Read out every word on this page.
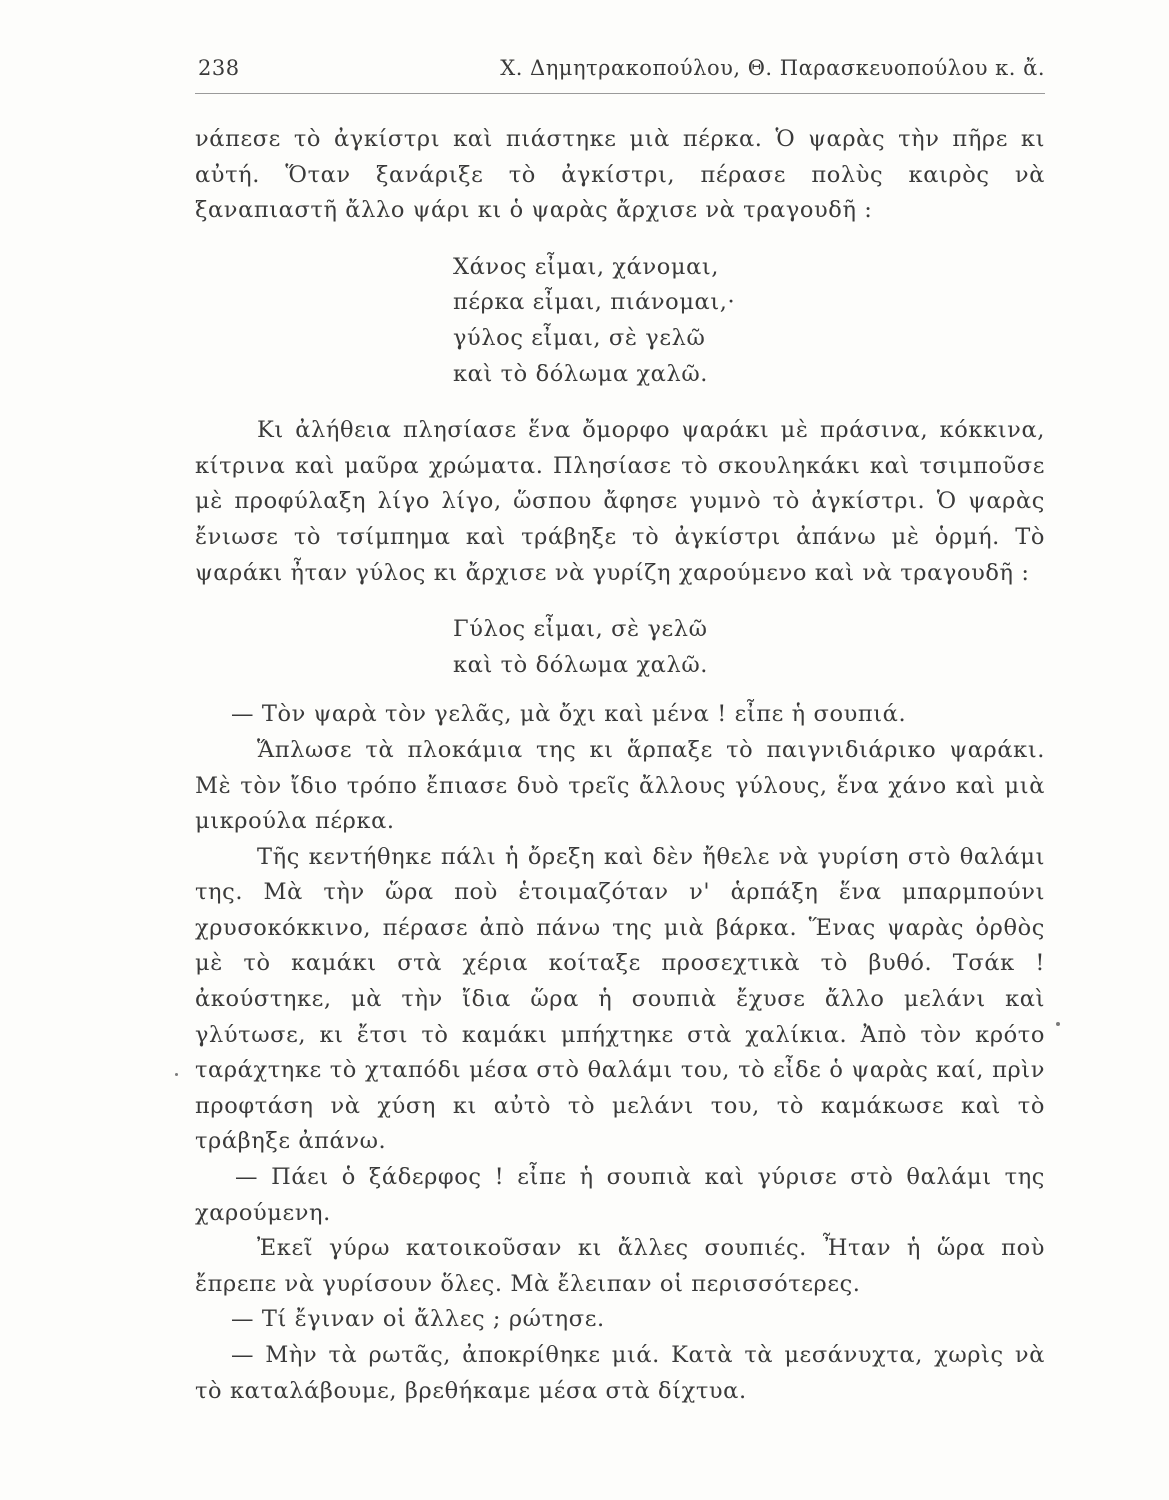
238	Χ. Δημητρακοπούλου, Θ. Παρασκευοπούλου κ. ἄ.

νάπεσε τὸ ἀγκίστρι καὶ πιάστηκε μιὰ πέρκα. Ὁ ψαρὰς τὴν πῆρε κι αὐτή. Ὅταν ξανάριξε τὸ ἀγκίστρι, πέρασε πολὺς καιρὸς νὰ ξαναπιαστῆ ἄλλο ψάρι κι ὁ ψαρὰς ἄρχισε νὰ τραγουδῆ :

Χάνος εἶμαι, χάνομαι,
πέρκα εἶμαι, πιάνομαι,·
γύλος εἶμαι, σὲ γελῶ
καὶ τὸ δόλωμα χαλῶ.

Κι ἀλήθεια πλησίασε ἕνα ὄμορφο ψαράκι μὲ πράσινα, κόκκινα, κίτρινα καὶ μαῦρα χρώματα. Πλησίασε τὸ σκουληκάκι καὶ τσιμποῦσε μὲ προφύλαξη λίγο λίγο, ὥσπου ἄφησε γυμνὸ τὸ ἀγκίστρι. Ὁ ψαρὰς ἔνιωσε τὸ τσίμπημα καὶ τράβηξε τὸ ἀγκίστρι ἀπάνω μὲ ὁρμή. Τὸ ψαράκι ἦταν γύλος κι ἄρχισε νὰ γυρίζη χαρούμενο καὶ νὰ τραγουδῆ :

Γύλος εἶμαι, σὲ γελῶ
καὶ τὸ δόλωμα χαλῶ.

— Τὸν ψαρὰ τὸν γελᾶς, μὰ ὄχι καὶ μένα ! εἶπε ἡ σουπιά.

Ἅπλωσε τὰ πλοκάμια της κι ἅρπαξε τὸ παιγνιδιάρικο ψαράκι. Μὲ τὸν ἴδιο τρόπο ἔπιασε δυὸ τρεῖς ἄλλους γύλους, ἕνα χάνο καὶ μιὰ μικρούλα πέρκα.

Τῆς κεντήθηκε πάλι ἡ ὄρεξη καὶ δὲν ἤθελε νὰ γυρίση στὸ θαλάμι της. Μὰ τὴν ὥρα ποὺ ἑτοιμαζόταν ν' ἁρπάξη ἕνα μπαρμπούνι χρυσοκόκκινο, πέρασε ἀπὸ πάνω της μιὰ βάρκα. Ἕνας ψαρὰς ὀρθὸς μὲ τὸ καμάκι στὰ χέρια κοίταξε προσεχτικὰ τὸ βυθό. Τσάκ ! ἀκούστηκε, μὰ τὴν ἴδια ὥρα ἡ σουπιὰ ἔχυσε ἄλλο μελάνι καὶ γλύτωσε, κι ἔτσι τὸ καμάκι μπήχτηκε στὰ χαλίκια. Ἀπὸ τὸν κρότο ταράχτηκε τὸ χταπόδι μέσα στὸ θαλάμι του, τὸ εἶδε ὁ ψαρὰς καί, πρὶν προφτάση νὰ χύση κι αὐτὸ τὸ μελάνι του, τὸ καμάκωσε καὶ τὸ τράβηξε ἀπάνω.

— Πάει ὁ ξάδερφος ! εἶπε ἡ σουπιὰ καὶ γύρισε στὸ θαλάμι της χαρούμενη.

Ἐκεῖ γύρω κατοικοῦσαν κι ἄλλες σουπιές. Ἦταν ἡ ὥρα ποὺ ἔπρεπε νὰ γυρίσουν ὅλες. Μὰ ἔλειπαν οἱ περισσότερες.

— Τί ἔγιναν οἱ ἄλλες ; ρώτησε.

— Μὴν τὰ ρωτᾶς, ἀποκρίθηκε μιά. Κατὰ τὰ μεσάνυχτα, χωρὶς νὰ τὸ καταλάβουμε, βρεθήκαμε μέσα στὰ δίχτυα.
